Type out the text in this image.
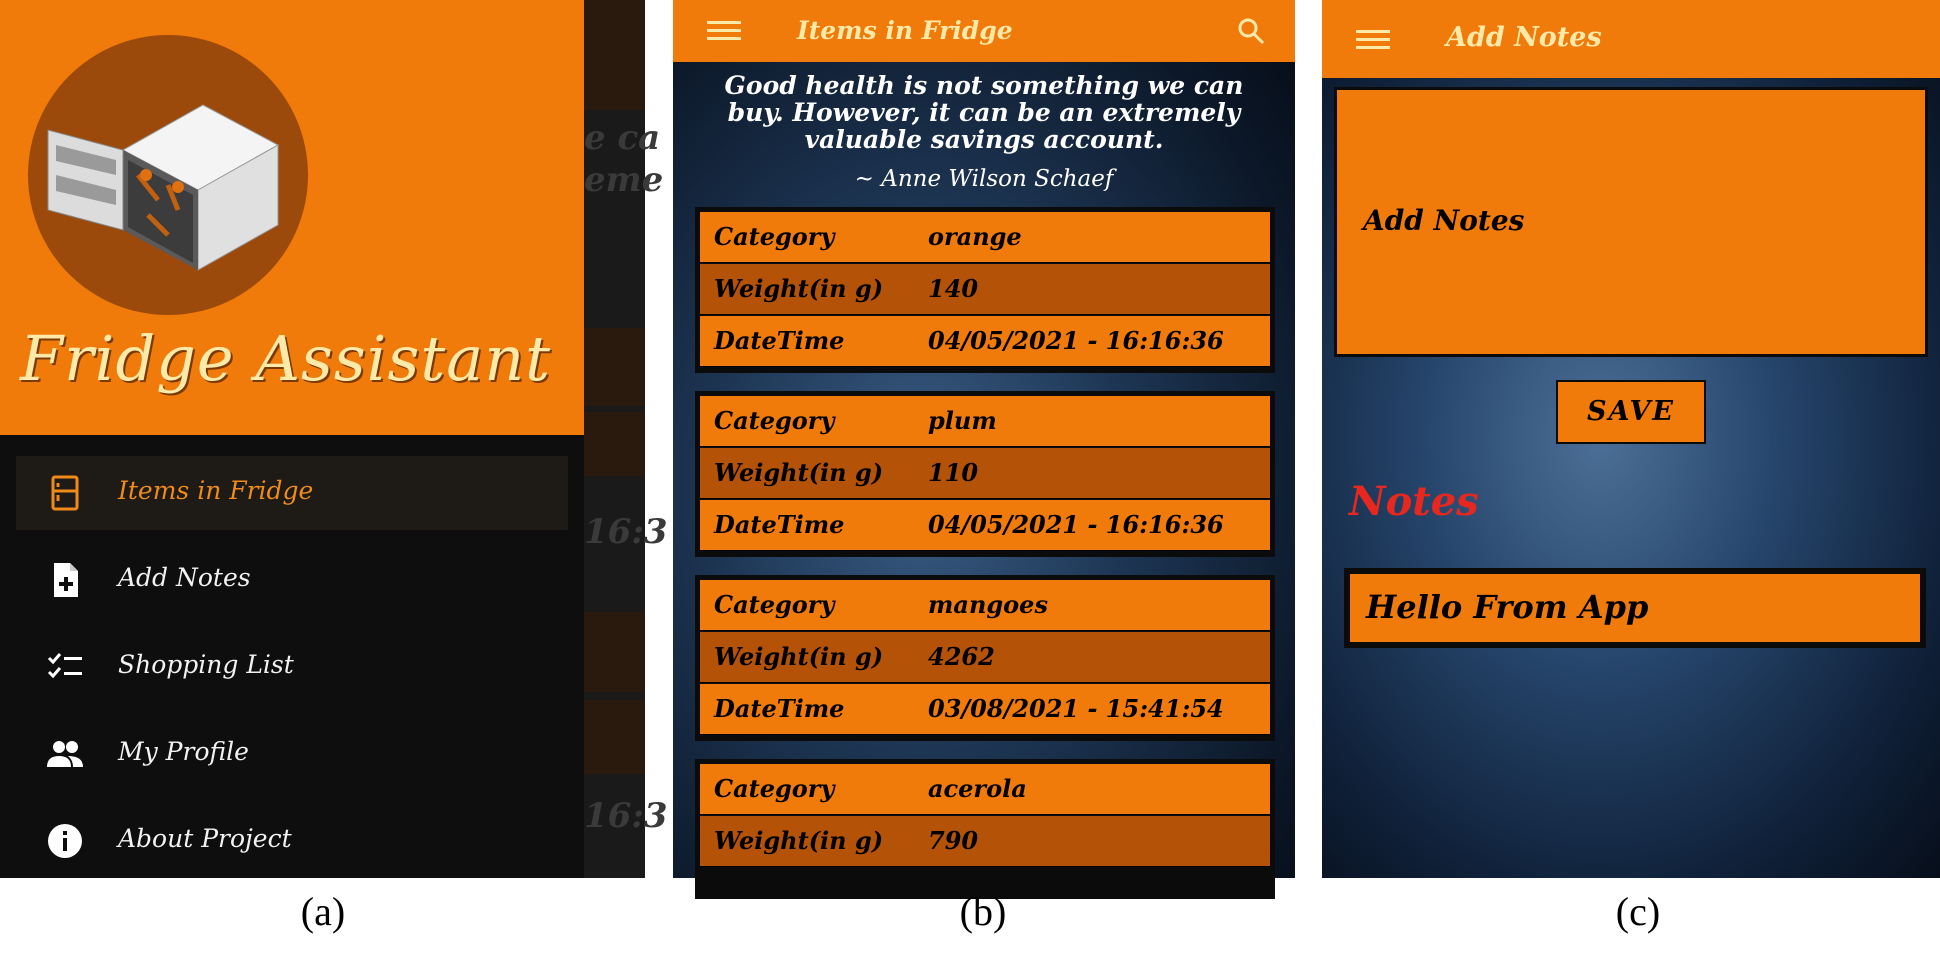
e ca
eme
16:3
16:3
Fridge Assistant
Items in Fridge
Add Notes
Shopping List
My Profile
About Project
(a)
Items in Fridge
Good health is not something we can buy. However, it can be an extremely valuable savings account.
~ Anne Wilson Schaef
Category	orange
Weight(in g) 140
DateTime	04/05/2021 - 16:16:36
Category	plum
Weight(in g) 110
DateTime	04/05/2021 - 16:16:36
Category	mangoes
Weight(in g) 4262
DateTime	03/08/2021 - 15:41:54
Category	acerola
Weight(in g) 790
(b)
Add Notes
Add Notes
SAVE
Notes
Hello From App
(c)
